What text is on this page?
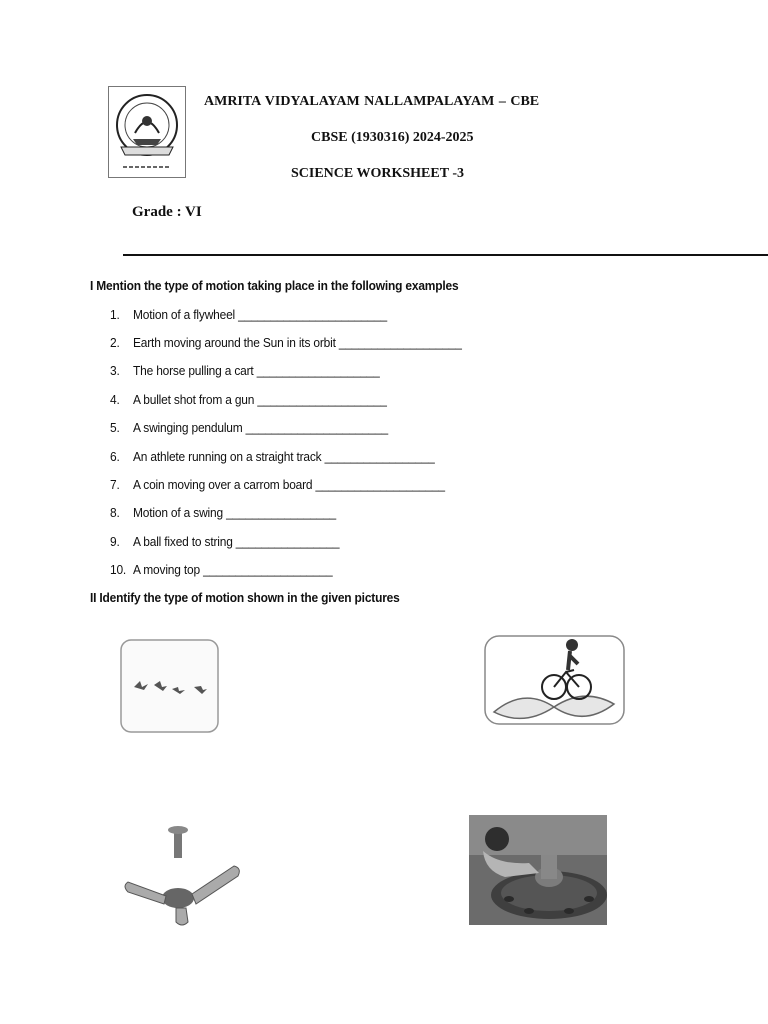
AMRITA VIDYALAYAM NALLAMPALAYAM – CBE
CBSE (1930316) 2024-2025
SCIENCE WORKSHEET -3
Grade : VI
I Mention the type of motion taking place in the following examples
1. Motion of a flywheel _______________________
2. Earth moving around the Sun in its orbit ___________________
3. The horse pulling a cart ___________________
4. A bullet shot from a gun ____________________
5. A swinging pendulum ______________________
6. An athlete running on a straight track _________________
7. A coin moving over a carrom board ____________________
8. Motion of a swing _________________
9. A ball fixed to string ________________
10. A moving top ____________________
II Identify the type of motion shown in the given pictures
